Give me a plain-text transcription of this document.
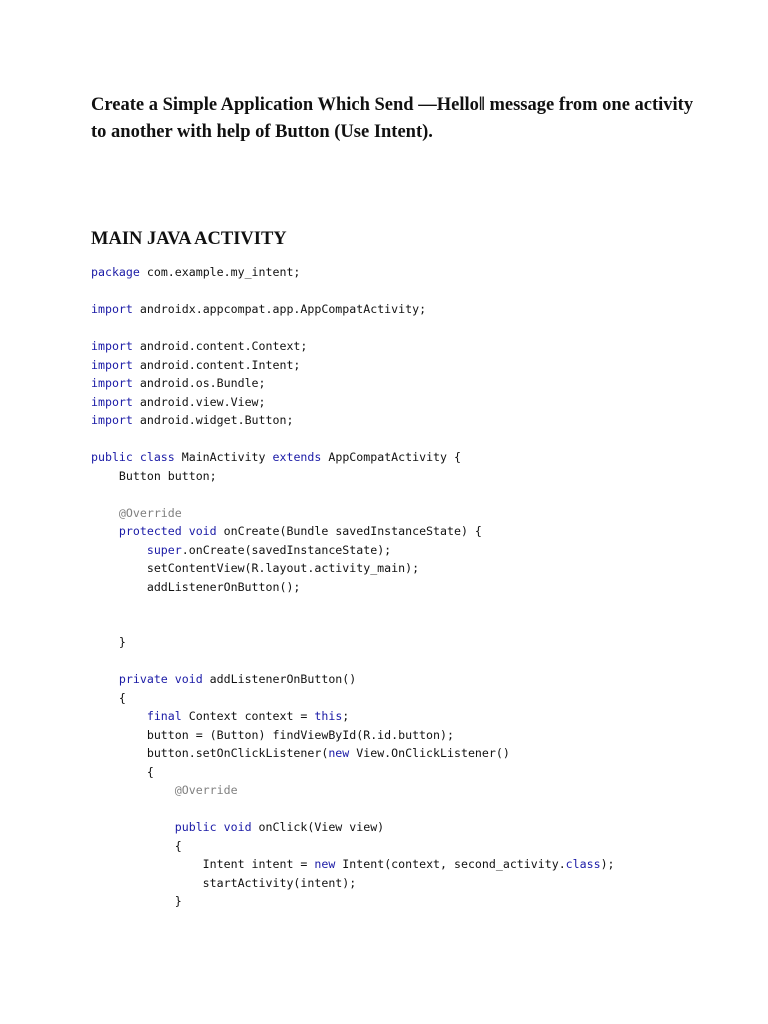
Create a Simple Application Which Send —Hello‖ message from one activity to another with help of Button (Use Intent).
MAIN JAVA ACTIVITY
package com.example.my_intent;
import androidx.appcompat.app.AppCompatActivity;
import android.content.Context;
import android.content.Intent;
import android.os.Bundle;
import android.view.View;
import android.widget.Button;
public class MainActivity extends AppCompatActivity {
Button button;
@Override
protected void onCreate(Bundle savedInstanceState) {
super.onCreate(savedInstanceState);
setContentView(R.layout.activity_main);
addListenerOnButton();
}
private void addListenerOnButton()
{
final Context context = this;
button = (Button) findViewById(R.id.button);
button.setOnClickListener(new View.OnClickListener()
{
@Override
public void onClick(View view)
{
Intent intent = new Intent(context, second_activity.class);
startActivity(intent);
}
